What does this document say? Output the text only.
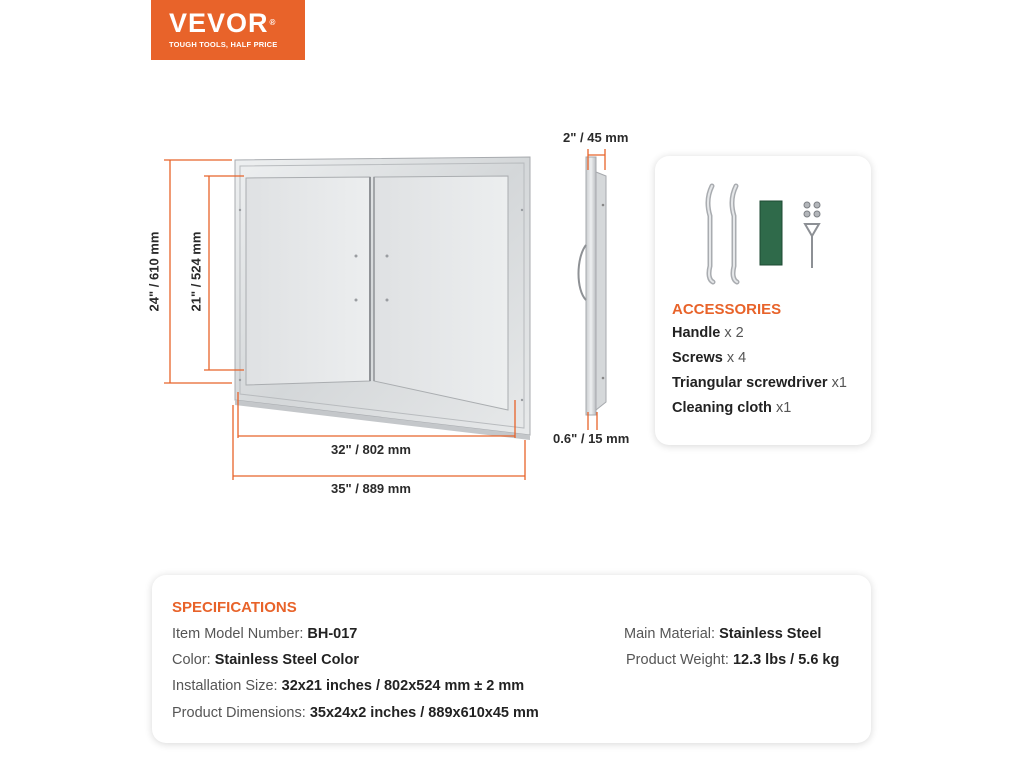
VEVOR®
TOUGH TOOLS, HALF PRICE
24" / 610 mm 21" / 524 mm
32" / 802 mm
35" / 889 mm
2" / 45 mm
0.6" / 15 mm
ACCESSORIES
Handle x 2
Screws x 4
Triangular screwdriver x1
Cleaning cloth x1
SPECIFICATIONS
Item Model Number: BH-017
Color: Stainless Steel Color
Installation Size: 32x21 inches / 802x524 mm ± 2 mm
Product Dimensions: 35x24x2 inches / 889x610x45 mm
Main Material: Stainless Steel
Product Weight: 12.3 lbs / 5.6 kg
